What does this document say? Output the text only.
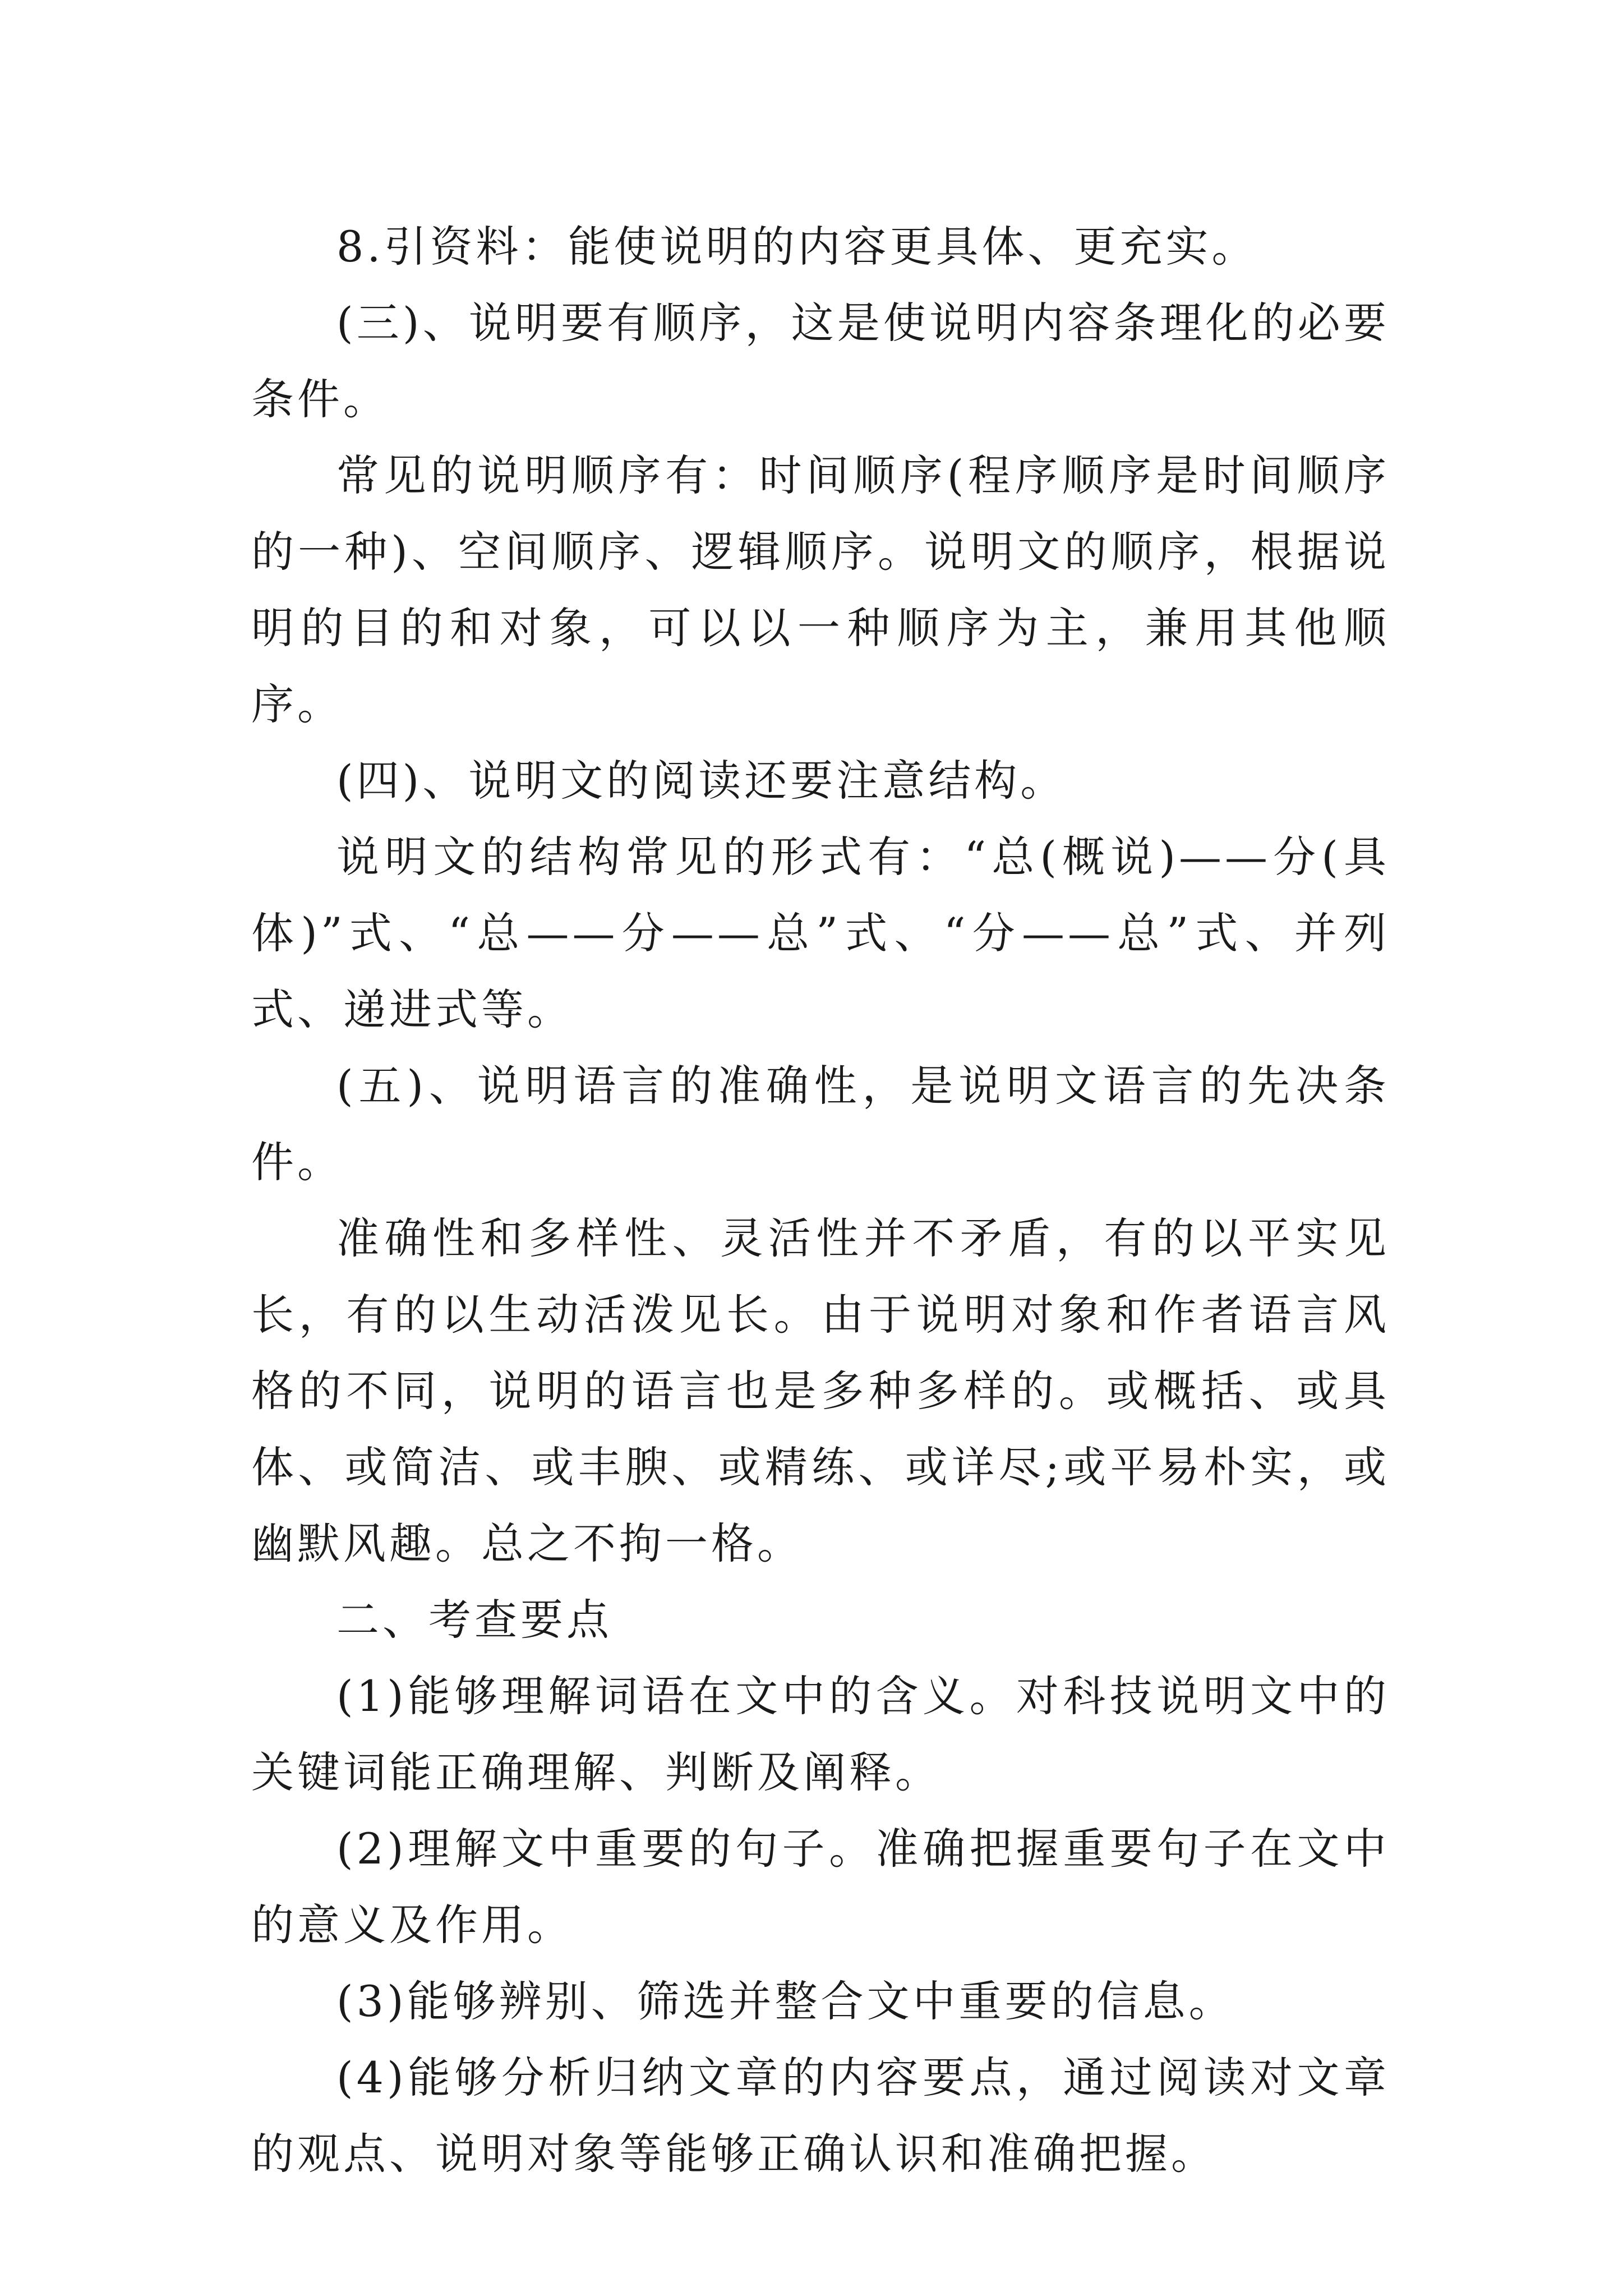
8.引资料：能使说明的内容更具体、更充实。

(三)、说明要有顺序，这是使说明内容条理化的必要条件。

常见的说明顺序有：时间顺序(程序顺序是时间顺序的一种)、空间顺序、逻辑顺序。说明文的顺序，根据说明的目的和对象，可以以一种顺序为主，兼用其他顺序。

(四)、说明文的阅读还要注意结构。

说明文的结构常见的形式有：“总(概说)——分(具体)”式、“总——分——总”式、“分——总”式、并列式、递进式等。

(五)、说明语言的准确性，是说明文语言的先决条件。

准确性和多样性、灵活性并不矛盾，有的以平实见长，有的以生动活泼见长。由于说明对象和作者语言风格的不同，说明的语言也是多种多样的。或概括、或具体、或简洁、或丰腴、或精练、或详尽;或平易朴实，或幽默风趣。总之不拘一格。

二、考查要点

(1)能够理解词语在文中的含义。对科技说明文中的关键词能正确理解、判断及阐释。

(2)理解文中重要的句子。准确把握重要句子在文中的意义及作用。

(3)能够辨别、筛选并整合文中重要的信息。

(4)能够分析归纳文章的内容要点，通过阅读对文章的观点、说明对象等能够正确认识和准确把握。
